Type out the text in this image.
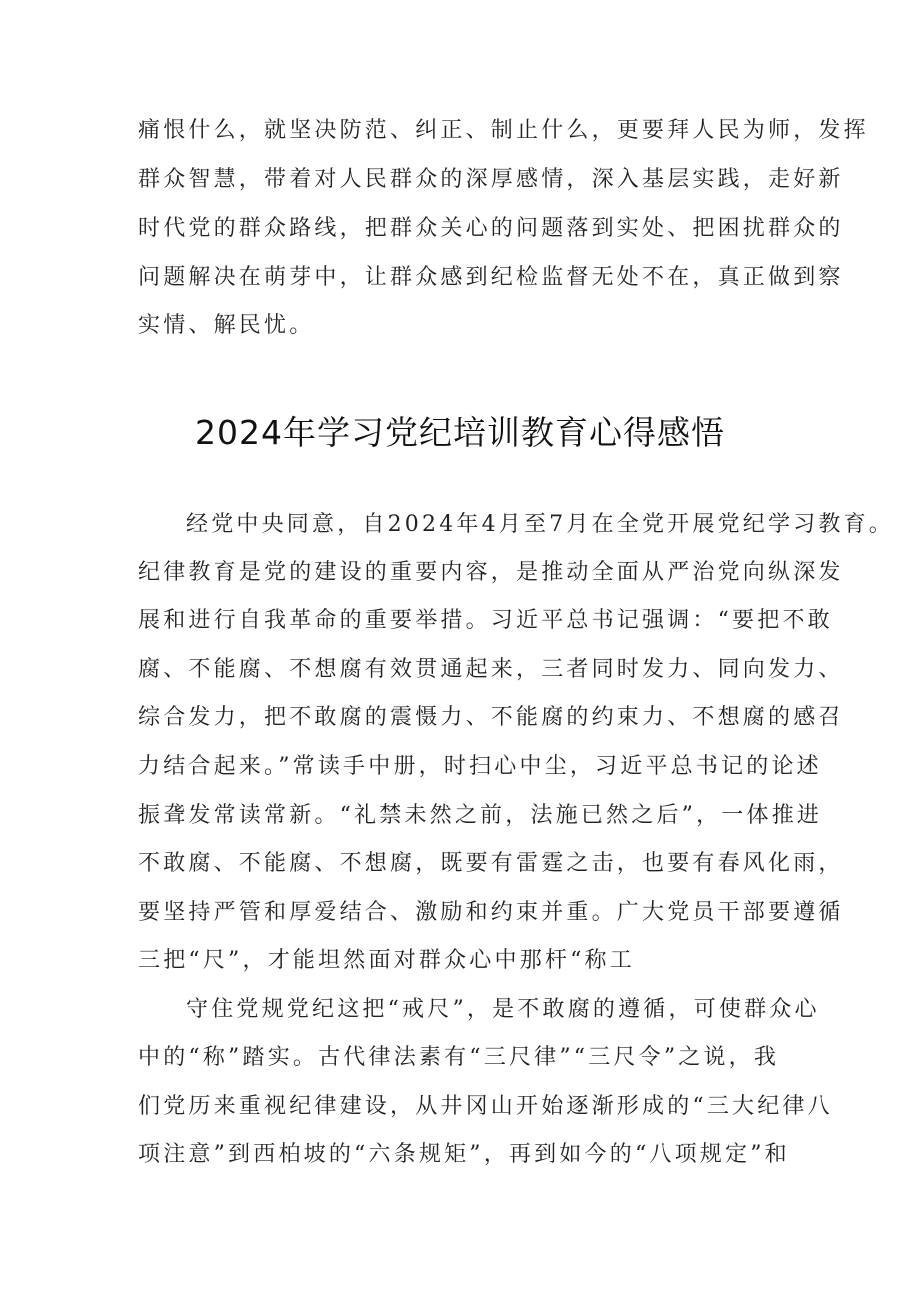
痛恨什么，就坚决防范、纠正、制止什么，更要拜人民为师，发挥
群众智慧，带着对人民群众的深厚感情，深入基层实践，走好新
时代党的群众路线，把群众关心的问题落到实处、把困扰群众的
问题解决在萌芽中，让群众感到纪检监督无处不在，真正做到察
实情、解民忧。
2024年学习党纪培训教育心得感悟
经党中央同意，自2024年4月至7月在全党开展党纪学习教育。
纪律教育是党的建设的重要内容，是推动全面从严治党向纵深发
展和进行自我革命的重要举措。习近平总书记强调：“要把不敢
腐、不能腐、不想腐有效贯通起来，三者同时发力、同向发力、
综合发力，把不敢腐的震慑力、不能腐的约束力、不想腐的感召
力结合起来。”常读手中册，时扫心中尘，习近平总书记的论述
振聋发常读常新。“礼禁未然之前，法施已然之后”，一体推进
不敢腐、不能腐、不想腐，既要有雷霆之击，也要有春风化雨，
要坚持严管和厚爱结合、激励和约束并重。广大党员干部要遵循
三把“尺”，才能坦然面对群众心中那杆“称工
守住党规党纪这把“戒尺”，是不敢腐的遵循，可使群众心
中的“称”踏实。古代律法素有“三尺律”“三尺令”之说，我
们党历来重视纪律建设，从井冈山开始逐渐形成的“三大纪律八
项注意”到西柏坡的“六条规矩”，再到如今的“八项规定”和
